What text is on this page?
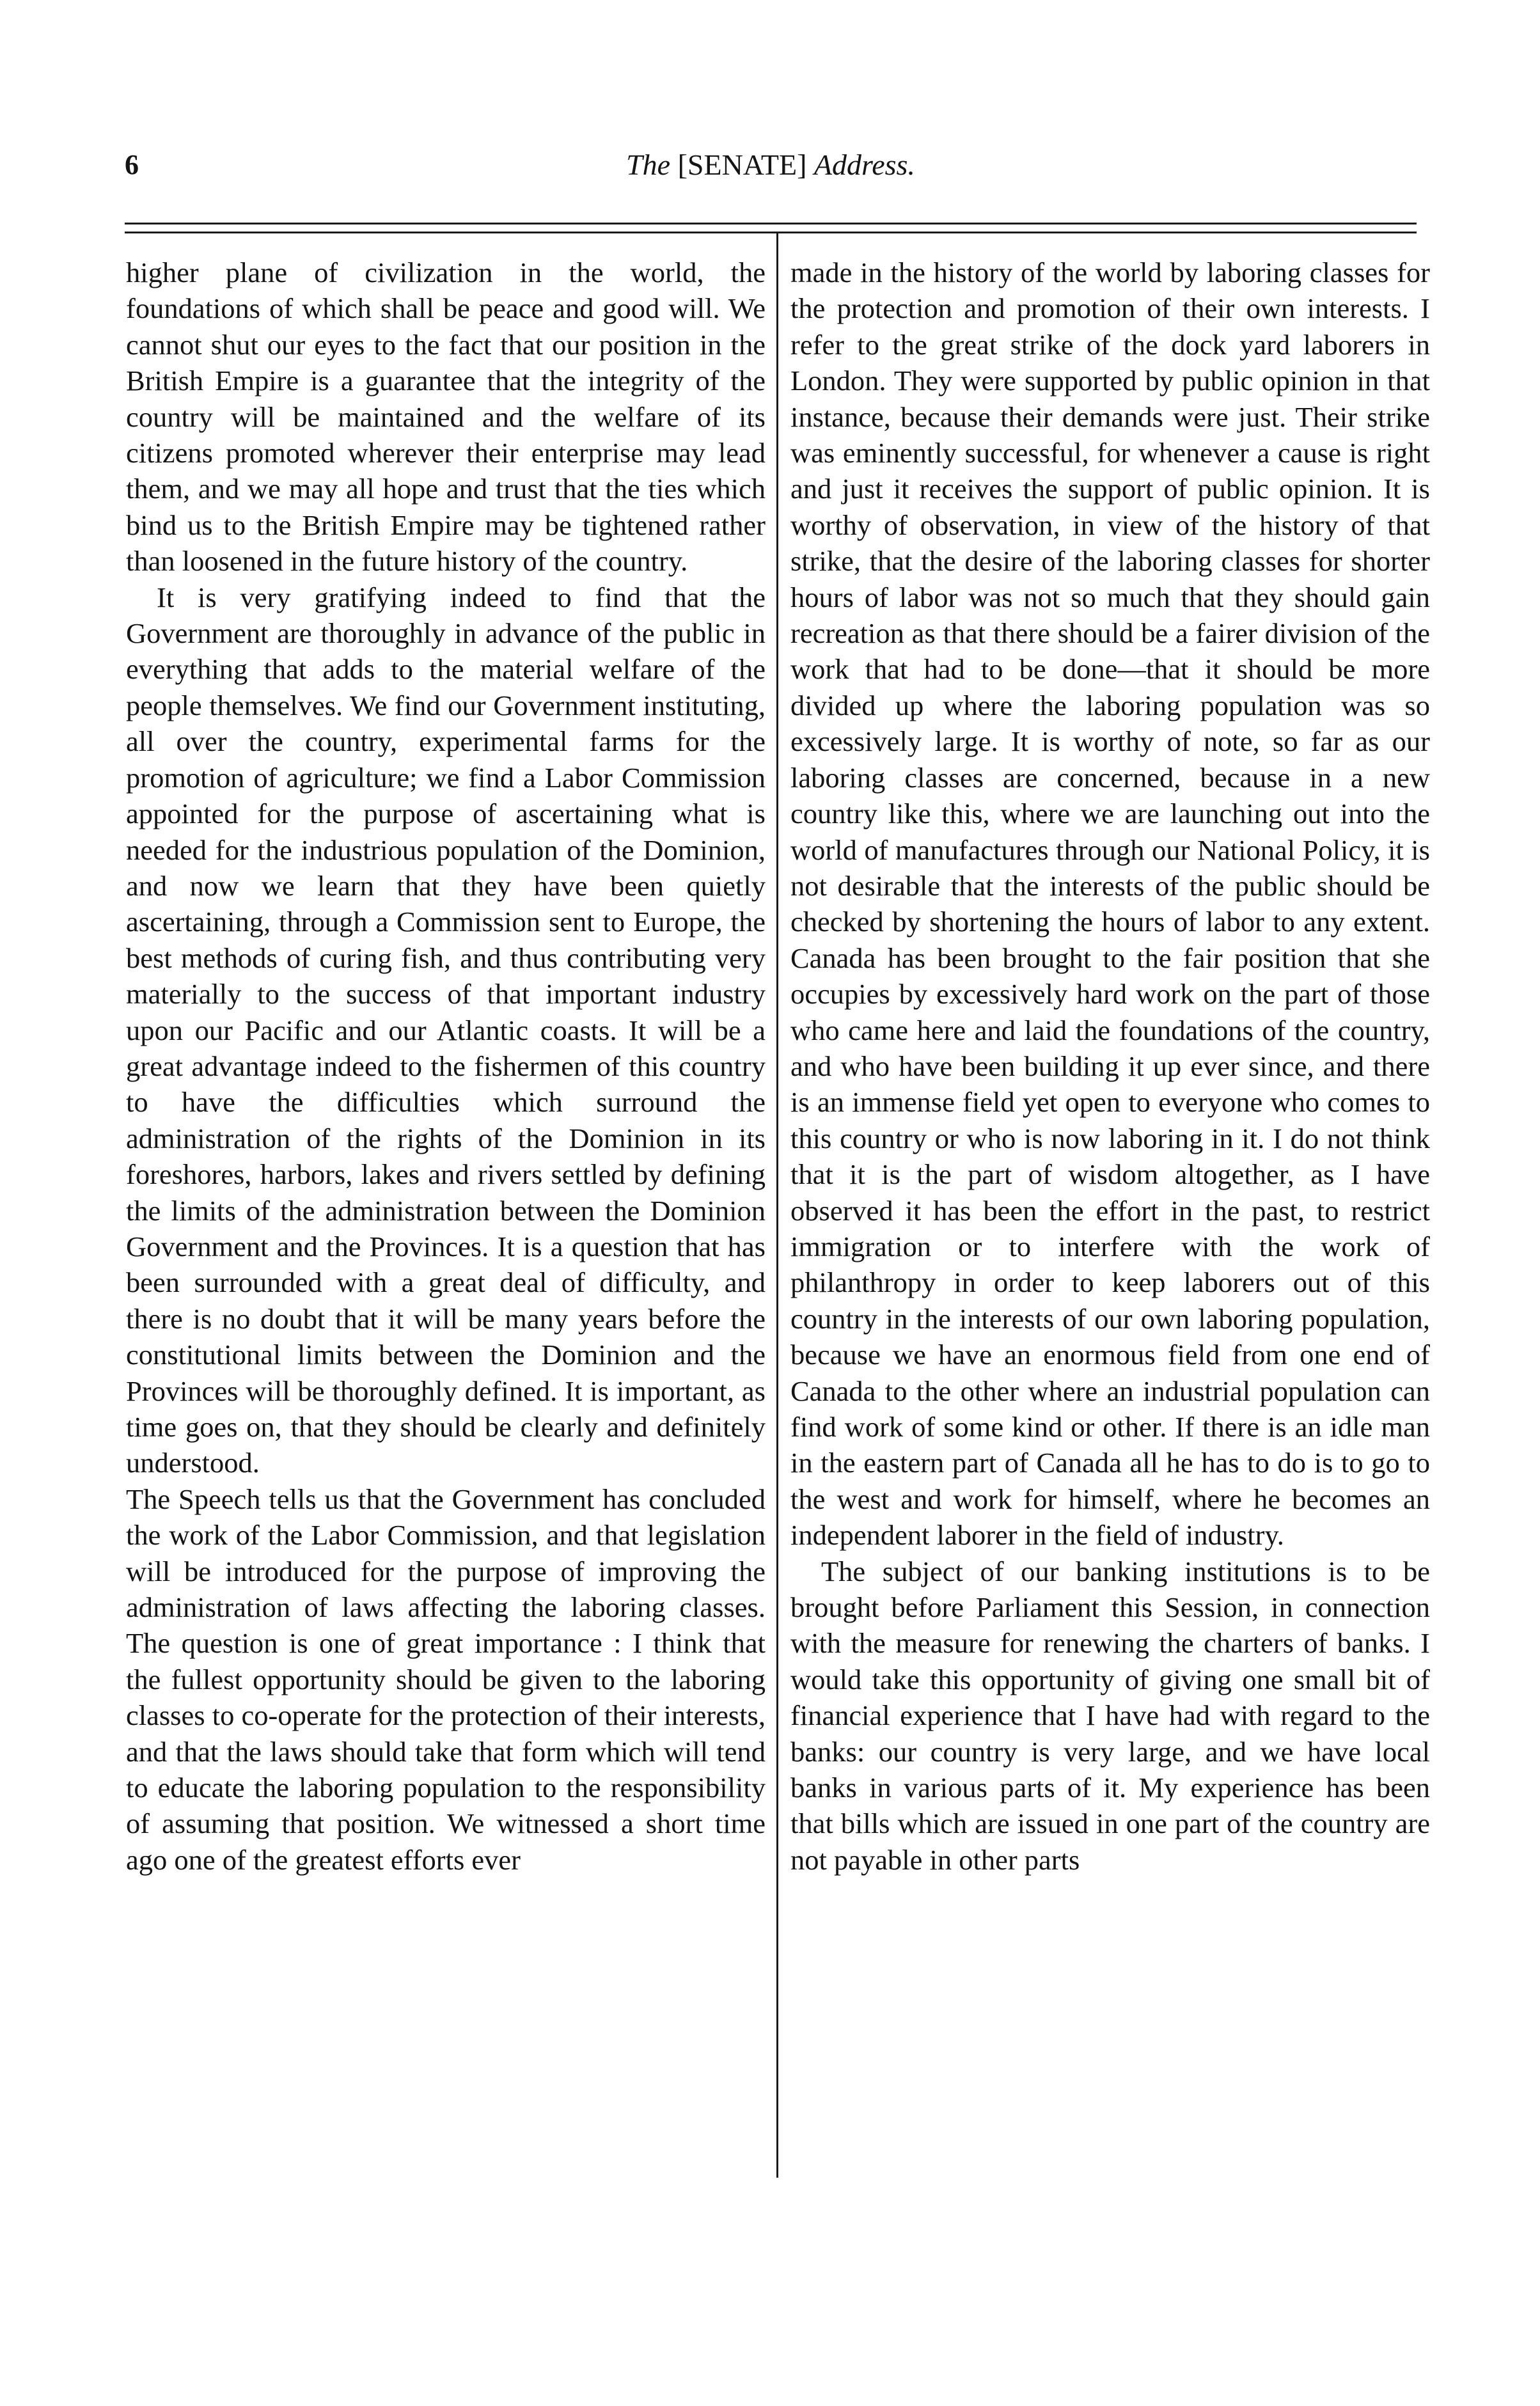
6	The [SENATE] Address.

higher plane of civilization in the world, the foundations of which shall be peace and good will. We cannot shut our eyes to the fact that our position in the British Empire is a guarantee that the integrity of the country will be maintained and the welfare of its citizens promoted wherever their enterprise may lead them, and we may all hope and trust that the ties which bind us to the British Empire may be tightened rather than loosened in the future history of the country.

It is very gratifying indeed to find that the Government are thoroughly in advance of the public in everything that adds to the material welfare of the people themselves. We find our Government instituting, all over the country, experimental farms for the promotion of agriculture; we find a Labor Commission appointed for the purpose of ascertaining what is needed for the industrious population of the Dominion, and now we learn that they have been quietly ascertaining, through a Commission sent to Europe, the best methods of curing fish, and thus contributing very materially to the success of that important industry upon our Pacific and our Atlantic coasts. It will be a great advantage indeed to the fishermen of this country to have the difficulties which surround the administration of the rights of the Dominion in its foreshores, harbors, lakes and rivers settled by defining the limits of the administration between the Dominion Government and the Provinces. It is a question that has been surrounded with a great deal of difficulty, and there is no doubt that it will be many years before the constitutional limits between the Dominion and the Provinces will be thoroughly defined. It is important, as time goes on, that they should be clearly and definitely understood.

The Speech tells us that the Government has concluded the work of the Labor Commission, and that legislation will be introduced for the purpose of improving the administration of laws affecting the laboring classes. The question is one of great importance : I think that the fullest opportunity should be given to the laboring classes to co-operate for the protection of their interests, and that the laws should take that form which will tend to educate the laboring population to the responsibility of assuming that position. We witnessed a short time ago one of the greatest efforts ever

made in the history of the world by laboring classes for the protection and promotion of their own interests. I refer to the great strike of the dock yard laborers in London. They were supported by public opinion in that instance, because their demands were just. Their strike was eminently successful, for whenever a cause is right and just it receives the support of public opinion. It is worthy of observation, in view of the history of that strike, that the desire of the laboring classes for shorter hours of labor was not so much that they should gain recreation as that there should be a fairer division of the work that had to be done—that it should be more divided up where the laboring population was so excessively large. It is worthy of note, so far as our laboring classes are concerned, because in a new country like this, where we are launching out into the world of manufactures through our National Policy, it is not desirable that the interests of the public should be checked by shortening the hours of labor to any extent. Canada has been brought to the fair position that she occupies by excessively hard work on the part of those who came here and laid the foundations of the country, and who have been building it up ever since, and there is an immense field yet open to everyone who comes to this country or who is now laboring in it. I do not think that it is the part of wisdom altogether, as I have observed it has been the effort in the past, to restrict immigration or to interfere with the work of philanthropy in order to keep laborers out of this country in the interests of our own laboring population, because we have an enormous field from one end of Canada to the other where an industrial population can find work of some kind or other. If there is an idle man in the eastern part of Canada all he has to do is to go to the west and work for himself, where he becomes an independent laborer in the field of industry.

The subject of our banking institutions is to be brought before Parliament this Session, in connection with the measure for renewing the charters of banks. I would take this opportunity of giving one small bit of financial experience that I have had with regard to the banks: our country is very large, and we have local banks in various parts of it. My experience has been that bills which are issued in one part of the country are not payable in other parts
